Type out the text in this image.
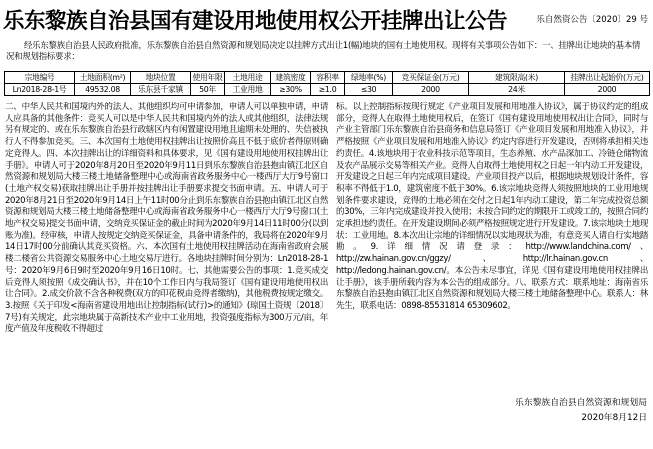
乐东黎族自治县国有建设用地使用权公开挂牌出让公告	乐自然资公告〔2020〕29 号

经乐东黎族自治县人民政府批准，乐东黎族自治县自然资源和规划局决定以挂牌方式出让1(幅)地块的国有土地使用权。现将有关事项公告如下：一、挂牌出让地块的基本情况和规划指标要求：

宗地编号	土地面积(m²)	地块位置	使用年限	土地用途	建筑密度	容积率	绿地率(%)	竞买保证金(万元)	建筑限高(米)	挂牌出让起始价(万元)
Ln2018-28-1号	49532.08	乐东县千家镇	50年	工业用地	≥30%	≥1.0	≤30	2000	24米	2000
二、中华人民共和国境内外的法人、其他组织均可申请参加，申请人可以单独申请，申请人应具备的其他条件：竞买人可以是中华人民共和国境内外的法人或其他组织，法律法规另有规定的、或在乐东黎族自治县行政辖区内有闲置建设用地且逾期未处理的、失信被执行人不得参加竞买。三、本次国有土地使用权挂牌出让按照价高且不低于底价者得原则确定竞得人。四、本次挂牌出让的详细资料和具体要求，见《国有建设用地使用权挂牌出让手册》。申请人可于2020年8月20日至2020年9月11日到乐东黎族自治县抱由镇江北区自然资源和规划局大楼三楼土地储备整理中心或海南省政务服务中心一楼西厅大厅9号窗口(土地产权交易)获取挂牌出让手册并按挂牌出让手册要求提交书面申请。五、申请人可于2020年8月21日至2020年9月14日上午11时00分止到乐东黎族自治县抱由镇江北区自然资源和规划局大楼三楼土地储备整理中心或海南省政务服务中心一楼西厅大厅9号窗口(土地产权交易)提交书面申请，交纳竞买保证金的截止时间为2020年9月14日11时00分(以到账为准)。经审核，申请人按规定交纳竞买保证金，具备申请条件的，我局将在2020年9月14日17时00分前确认其竞买资格。六、本次国有土地使用权挂牌活动在海南省政府会展楼二楼省公共资源交易服务中心土地交易厅进行。各地块挂牌时间分别为：Ln2018-28-1号：2020年9月6日9时至2020年9月16日10时。七、其他需要公告的事项：1.竞买成交后竞得人须按照《成交确认书》，并在10个工作日内与我局签订《国有建设用地使用权出让合同》。2.成交价款不含各种税费(双方的印花税由竞得者缴纳)，其他税费按规定缴交。3.按照《关于印发<海南省建设用地出让控制指标(试行)>的通知》(琼国土资规〔2018〕7号)有关规定，此宗地块属于高新技术产业中工业用地，投资强度指标为300万元/亩，年度产值及年度税收不得超过
标。以上控制指标按现行规定《产业项目发展和用地准入协议》，属于协议约定的组成部分，竞得人在取得土地使用权后，在签订《国有建设用地使用权出让合同》，同时与产业主管部门乐东黎族自治县商务和信息局签订《产业项目发展和用地准入协议》，并严格按照《产业项目发展和用地准入协议》约定内容进行开发建设，否则将承担相关违约责任。4.该地块用于农业科技示范等项目，生态养殖、水产品深加工、冷链仓储物流及农产品展示交易等相关产业。竞得人自取得土地使用权之日起一年内动工开发建设，开发建设之日起三年内完成项目建设。产业项目投产以后，根据地块规划设计条件，容积率不得低于1.0，建筑密度不低于30%。6.该宗地块竞得人须按照地块的工业用地规划条件要求建设，竞得的土地必须在交付之日起1年内动工建设，第二年完成投资总额的30%，三年内完成建设并投入使用；未按合同约定的期限开工或竣工的，按照合同约定承担违约责任。在开发建设期间必须严格按照规定进行开发建设。7.该宗地块土地现状：工业用地。8.本次出让宗地的详细情况以实地现状为准，有意竞买人请自行实地踏勘。9.详细情况请登录：http://www.landchina.com/、http://zw.hainan.gov.cn/ggzy/、http://lr.hainan.gov.cn、http://ledong.hainan.gov.cn/。本公告未尽事宜，详见《国有建设用地使用权挂牌出让手册》，该手册所载内容为本公告的组成部分。八、联系方式：联系地址：海南省乐东黎族自治县抱由镇江北区自然资源和规划局大楼三楼土地储备整理中心。联系人：林先生，联系电话：0898-85531814 65309602。
乐东黎族自治县自然资源和规划局
2020年8月12日
